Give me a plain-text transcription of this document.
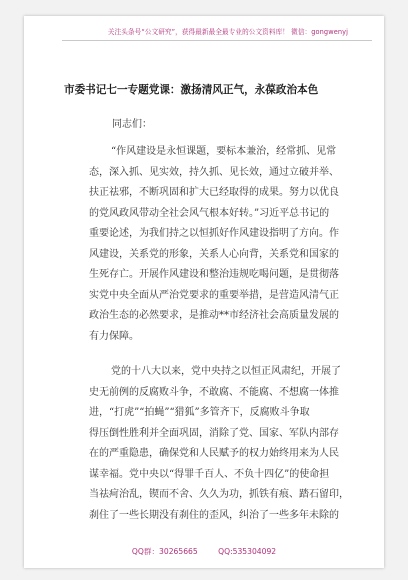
关注头条号“公文研究”，获得最新最全最专业的公文资料库！ 微信：gongwenyj
市委书记七一专题党课：激扬清风正气，永葆政治本色
同志们：

“作风建设是永恒课题，要标本兼治，经常抓、见常
态，深入抓、见实效，持久抓、见长效，通过立破并举、
扶正祛邪，不断巩固和扩大已经取得的成果。努力以优良
的党风政风带动全社会风气根本好转。”习近平总书记的
重要论述，为我们持之以恒抓好作风建设指明了方向。作
风建设，关系党的形象，关系人心向背，关系党和国家的
生死存亡。开展作风建设和整治违规吃喝问题，是贯彻落
实党中央全面从严治党要求的重要举措，是营造风清气正
政治生态的必然要求，是推动**市经济社会高质量发展的
有力保障。

党的十八大以来，党中央持之以恒正风肃纪，开展了
史无前例的反腐败斗争，不敢腐、不能腐、不想腐一体推
进，“打虎”“拍蝇”“猎狐”多管齐下，反腐败斗争取
得压倒性胜利并全面巩固，消除了党、国家、军队内部存
在的严重隐患，确保党和人民赋予的权力始终用来为人民
谋幸福。党中央以“得罪千百人、不负十四亿”的使命担
当祛疴治乱，锲而不舍、久久为功，抓铁有痕、踏石留印，
刹住了一些长期没有刹住的歪风，纠治了一些多年未除的

QQ群：30265665	QQ:535304092
